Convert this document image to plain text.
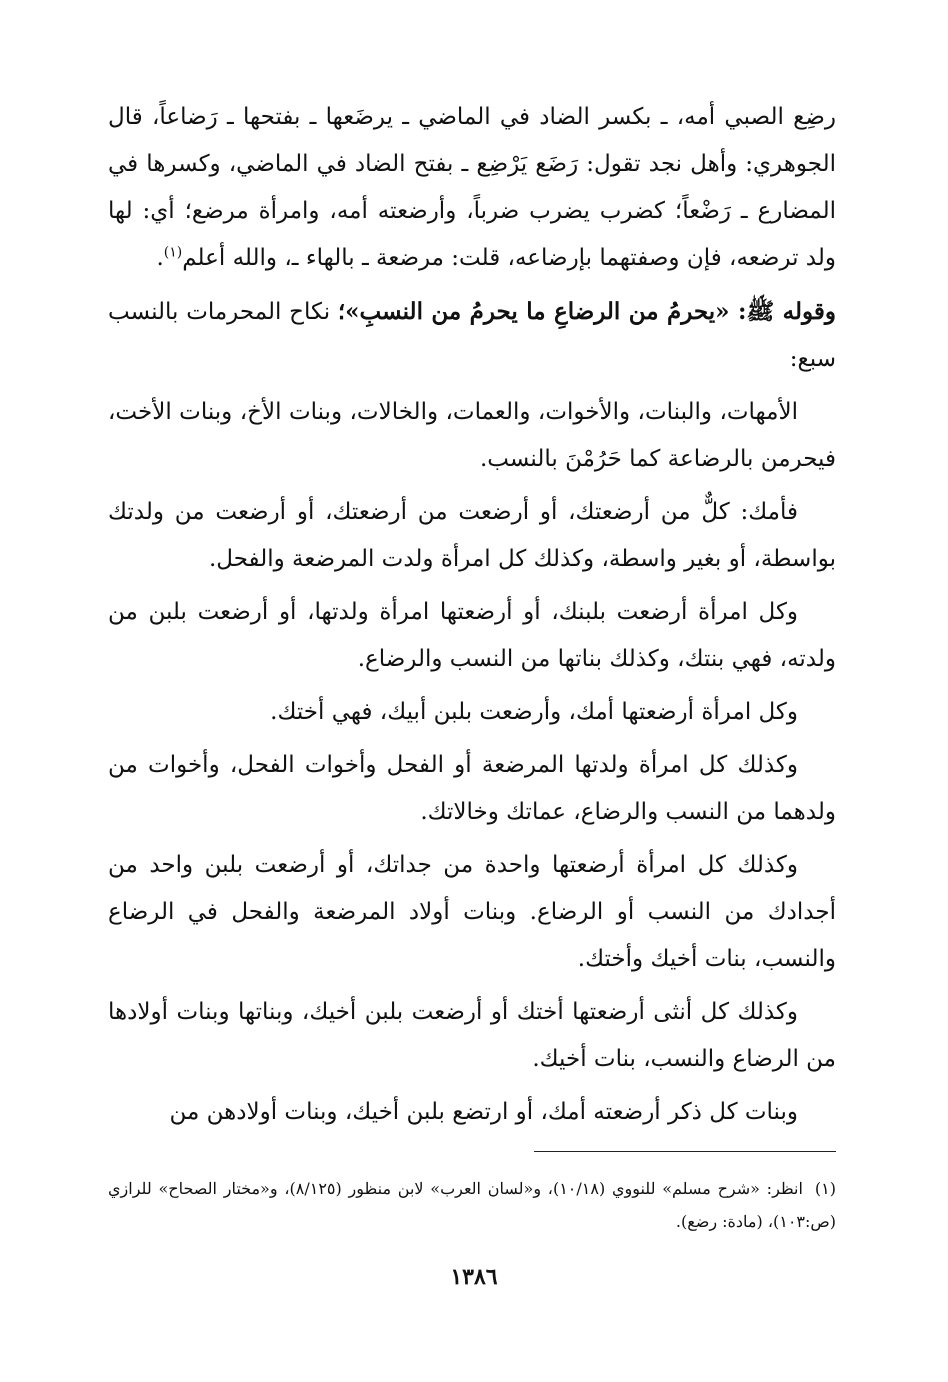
رضِع الصبي أمه، ـ بكسر الضاد في الماضي ـ يرضَعها ـ بفتحها ـ رَضاعاً، قال الجوهري: وأهل نجد تقول: رَضَع يَرْضِع ـ بفتح الضاد في الماضي، وكسرها في المضارع ـ رَضْعاً؛ كضرب يضرب ضرباً، وأرضعته أمه، وامرأة مرضع؛ أي: لها ولد ترضعه، فإن وصفتهما بإرضاعه، قلت: مرضعة ـ بالهاء ـ، والله أعلم$^{(١)}$.

وقوله ﷺ: «يحرمُ من الرضاعِ ما يحرمُ من النسبِ»؛ نكاح المحرمات بالنسب سبع:

الأمهات، والبنات، والأخوات، والعمات، والخالات، وبنات الأخ، وبنات الأخت، فيحرمن بالرضاعة كما حَرُمْنَ بالنسب.

فأمك: كلٌّ من أرضعتك، أو أرضعت من أرضعتك، أو أرضعت من ولدتك بواسطة، أو بغير واسطة، وكذلك كل امرأة ولدت المرضعة والفحل.

وكل امرأة أرضعت بلبنك، أو أرضعتها امرأة ولدتها، أو أرضعت بلبن من ولدته، فهي بنتك، وكذلك بناتها من النسب والرضاع.

وكل امرأة أرضعتها أمك، وأرضعت بلبن أبيك، فهي أختك.

وكذلك كل امرأة ولدتها المرضعة أو الفحل وأخوات الفحل، وأخوات من ولدهما من النسب والرضاع، عماتك وخالاتك.

وكذلك كل امرأة أرضعتها واحدة من جداتك، أو أرضعت بلبن واحد من أجدادك من النسب أو الرضاع. وبنات أولاد المرضعة والفحل في الرضاع والنسب، بنات أخيك وأختك.

وكذلك كل أنثى أرضعتها أختك أو أرضعت بلبن أخيك، وبناتها وبنات أولادها من الرضاع والنسب، بنات أخيك.

وبنات كل ذكر أرضعته أمك، أو ارتضع بلبن أخيك، وبنات أولادهن من

(١)انظر: «شرح مسلم» للنووي (١٠/١٨)، و«لسان العرب» لابن منظور (٨/١٢٥)، و«مختار الصحاح» للرازي (ص:١٠٣)، (مادة: رضع).
١٣٨٦
